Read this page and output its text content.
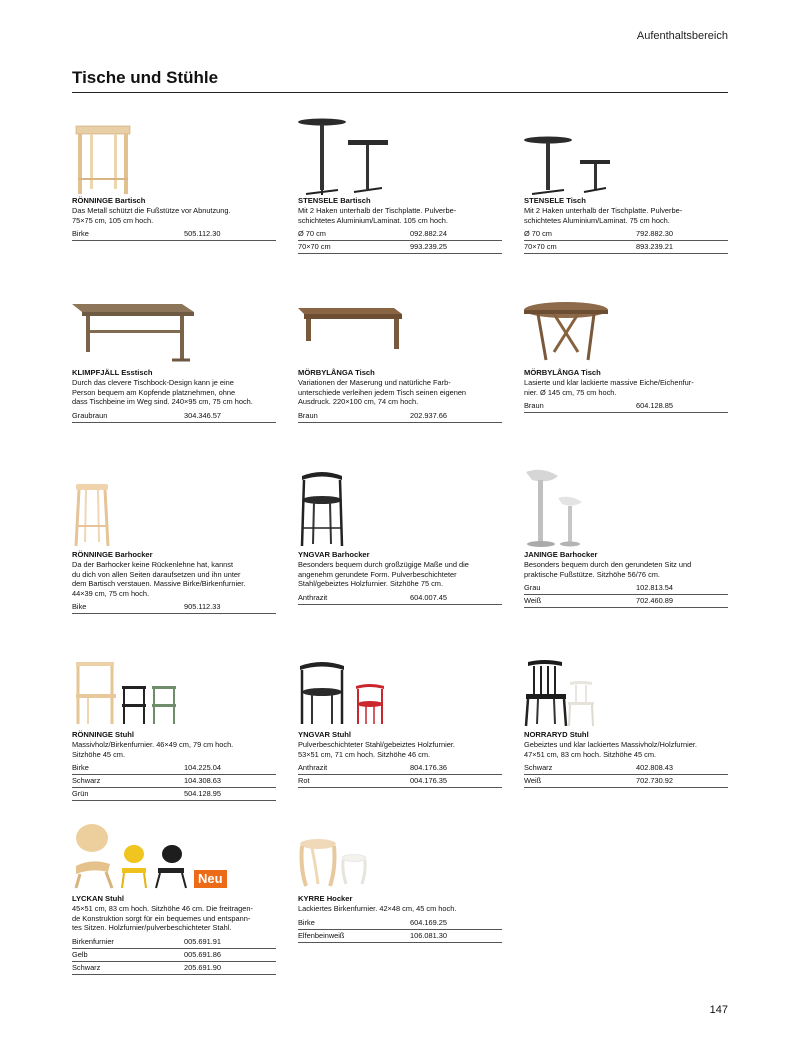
Aufenthaltsbereich
Tische und Stühle
RÖNNINGE Bartisch
Das Metall schützt die Fußstütze vor Abnutzung.
75×75 cm, 105 cm hoch.
Birke	505.112.30
STENSELE Bartisch
Mit 2 Haken unterhalb der Tischplatte. Pulverbe-
schichtetes Aluminium/Laminat. 105 cm hoch.
Ø 70 cm	092.882.24
70×70 cm	993.239.25
STENSELE Tisch
Mit 2 Haken unterhalb der Tischplatte. Pulverbe-
schichtetes Aluminium/Laminat. 75 cm hoch.
Ø 70 cm	792.882.30
70×70 cm	893.239.21
KLIMPFJÄLL Esstisch
Durch das clevere Tischbock-Design kann je eine
Person bequem am Kopfende platznehmen, ohne
dass Tischbeine im Weg sind. 240×95 cm, 75 cm hoch.
Graubraun	304.346.57
MÖRBYLÅNGA Tisch
Variationen der Maserung und natürliche Farb-
unterschiede verleihen jedem Tisch seinen eigenen
Ausdruck. 220×100 cm, 74 cm hoch.
Braun	202.937.66
MÖRBYLÅNGA Tisch
Lasierte und klar lackierte massive Eiche/Eichenfur-
nier. Ø 145 cm, 75 cm hoch.
Braun	604.128.85
RÖNNINGE Barhocker
Da der Barhocker keine Rückenlehne hat, kannst
du dich von allen Seiten daraufsetzen und ihn unter
dem Bartisch verstauen. Massive Birke/Birkenfurnier.
44×39 cm, 75 cm hoch.
Bike	905.112.33
YNGVAR Barhocker
Besonders bequem durch großzügige Maße und die
angenehm gerundete Form. Pulverbeschichteter
Stahl/gebeiztes Holzfurnier. Sitzhöhe 75 cm.
Anthrazit	604.007.45
JANINGE Barhocker
Besonders bequem durch den gerundeten Sitz und
praktische Fußstütze. Sitzhöhe 56/76 cm.
Grau	102.813.54
Weiß	702.460.89
RÖNNINGE Stuhl
Massivholz/Birkenfurnier. 46×49 cm, 79 cm hoch.
Sitzhöhe 45 cm.
Birke	104.225.04
Schwarz	104.308.63
Grün	504.128.95
YNGVAR Stuhl
Pulverbeschichteter Stahl/gebeiztes Holzfurnier.
53×51 cm, 71 cm hoch. Sitzhöhe 46 cm.
Anthrazit	804.176.36
Rot	004.176.35
NORRARYD Stuhl
Gebeiztes und klar lackiertes Massivholz/Holzfurnier.
47×51 cm, 83 cm hoch. Sitzhöhe 45 cm.
Schwarz	402.808.43
Weiß	702.730.92
Neu
LYCKAN Stuhl
45×51 cm, 83 cm hoch. Sitzhöhe 46 cm. Die freitragen-
de Konstruktion sorgt für ein bequemes und entspann-
tes Sitzen. Holzfurnier/pulverbeschichteter Stahl.
Birkenfurnier	005.691.91
Gelb	005.691.86
Schwarz	205.691.90
KYRRE Hocker
Lackiertes Birkenfurnier. 42×48 cm, 45 cm hoch.
Birke	604.169.25
Elfenbeinweiß	106.081.30
147
